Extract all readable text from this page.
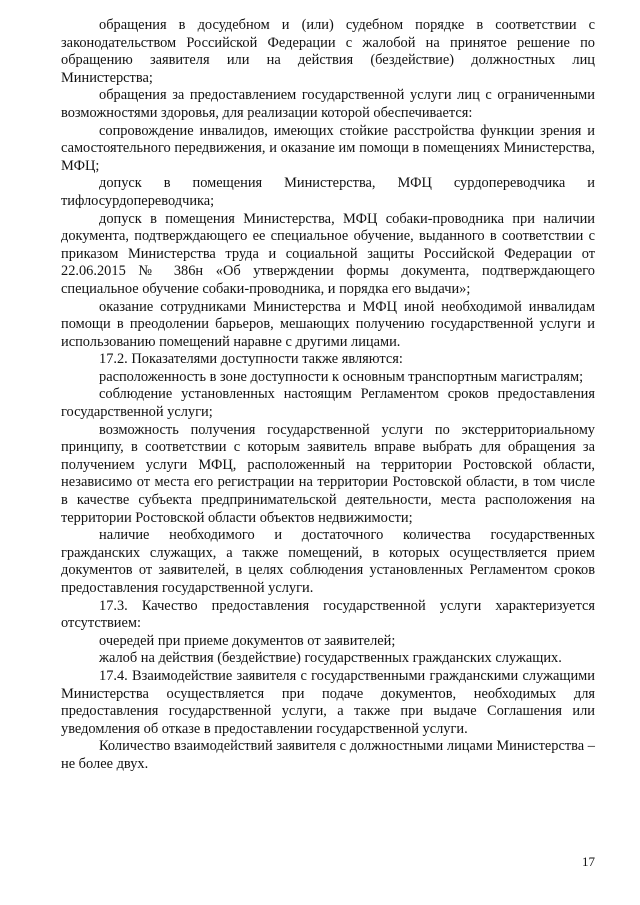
обращения в досудебном и (или) судебном порядке в соответствии с законодательством Российской Федерации с жалобой на принятое решение по обращению заявителя или на действия (бездействие) должностных лиц Министерства;

обращения за предоставлением государственной услуги лиц с ограниченными возможностями здоровья, для реализации которой обеспечивается:

сопровождение инвалидов, имеющих стойкие расстройства функции зрения и самостоятельного передвижения, и оказание им помощи в помещениях Министерства, МФЦ;

допуск в помещения Министерства, МФЦ сурдопереводчика и тифлосурдопереводчика;

допуск в помещения Министерства, МФЦ собаки-проводника при наличии документа, подтверждающего ее специальное обучение, выданного в соответствии с приказом Министерства труда и социальной защиты Российской Федерации от 22.06.2015 № 386н «Об утверждении формы документа, подтверждающего специальное обучение собаки-проводника, и порядка его выдачи»;

оказание сотрудниками Министерства и МФЦ иной необходимой инвалидам помощи в преодолении барьеров, мешающих получению государственной услуги и использованию помещений наравне с другими лицами.

17.2. Показателями доступности также являются:

расположенность в зоне доступности к основным транспортным магистралям;

соблюдение установленных настоящим Регламентом сроков предоставления государственной услуги;

возможность получения государственной услуги по экстерриториальному принципу, в соответствии с которым заявитель вправе выбрать для обращения за получением услуги МФЦ, расположенный на территории Ростовской области, независимо от места его регистрации на территории Ростовской области, в том числе в качестве субъекта предпринимательской деятельности, места расположения на территории Ростовской области объектов недвижимости;

наличие необходимого и достаточного количества государственных гражданских служащих, а также помещений, в которых осуществляется прием документов от заявителей, в целях соблюдения установленных Регламентом сроков предоставления государственной услуги.

17.3. Качество предоставления государственной услуги характеризуется отсутствием:

очередей при приеме документов от заявителей;

жалоб на действия (бездействие) государственных гражданских служащих.

17.4. Взаимодействие заявителя с государственными гражданскими служащими Министерства осуществляется при подаче документов, необходимых для предоставления государственной услуги, а также при выдаче Соглашения или уведомления об отказе в предоставлении государственной услуги.

Количество взаимодействий заявителя с должностными лицами Министерства – не более двух.

17
